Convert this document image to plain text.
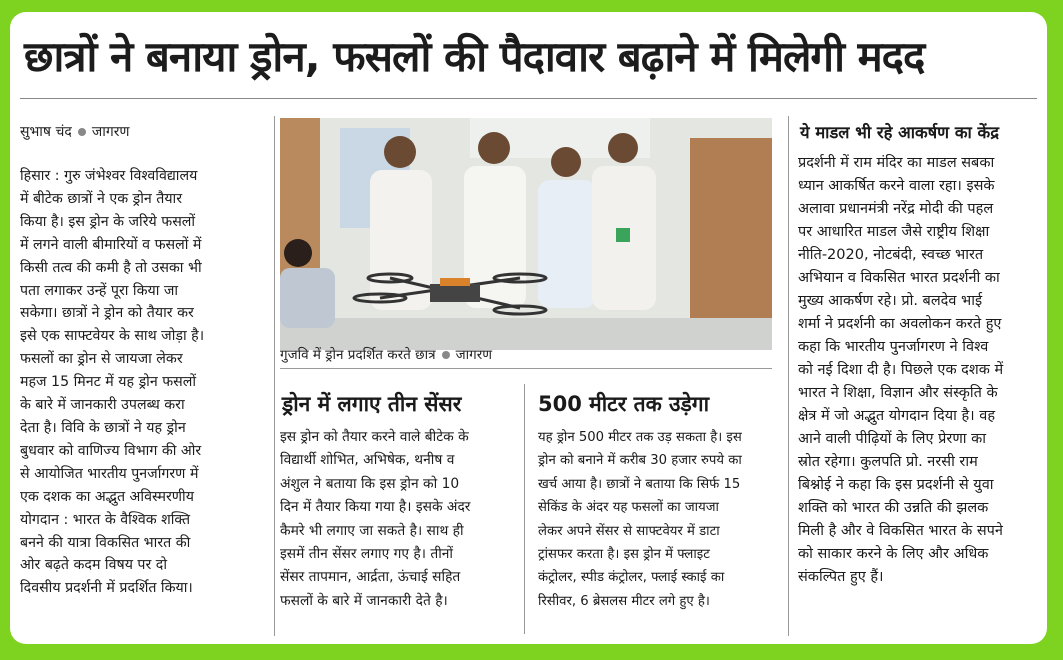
छात्रों ने बनाया ड्रोन, फसलों की पैदावार बढ़ाने में मिलेगी मदद
सुभाष चंद जागरण
हिसार : गुरु जंभेश्वर विश्वविद्यालय
में बीटेक छात्रों ने एक ड्रोन तैयार
किया है। इस ड्रोन के जरिये फसलों
में लगने वाली बीमारियों व फसलों में
किसी तत्व की कमी है तो उसका भी
पता लगाकर उन्हें पूरा किया जा
सकेगा। छात्रों ने ड्रोन को तैयार कर
इसे एक साफ्टवेयर के साथ जोड़ा है।
फसलों का ड्रोन से जायजा लेकर
महज 15 मिनट में यह ड्रोन फसलों
के बारे में जानकारी उपलब्ध करा
देता है। विवि के छात्रों ने यह ड्रोन
बुधवार को वाणिज्य विभाग की ओर
से आयोजित भारतीय पुनर्जागरण में
एक दशक का अद्भुत अविस्मरणीय
योगदान : भारत के वैश्विक शक्ति
बनने की यात्रा विकसित भारत की
ओर बढ़ते कदम विषय पर दो
दिवसीय प्रदर्शनी में प्रदर्शित किया।
गुजवि में ड्रोन प्रदर्शित करते छात्र जागरण
ड्रोन में लगाए तीन सेंसर
इस ड्रोन को तैयार करने वाले बीटेक के
विद्यार्थी शोभित, अभिषेक, थनीष व
अंशुल ने बताया कि इस ड्रोन को 10
दिन में तैयार किया गया है। इसके अंदर
कैमरे भी लगाए जा सकते है। साथ ही
इसमें तीन सेंसर लगाए गए है। तीनों
सेंसर तापमान, आर्द्रता, ऊंचाई सहित
फसलों के बारे में जानकारी देते है।
500 मीटर तक उड़ेगा
यह ड्रोन 500 मीटर तक उड़ सकता है। इस
ड्रोन को बनाने में करीब 30 हजार रुपये का
खर्च आया है। छात्रों ने बताया कि सिर्फ 15
सेकिंड के अंदर यह फसलों का जायजा
लेकर अपने सेंसर से साफ्टवेयर में डाटा
ट्रांसफर करता है। इस ड्रोन में फ्लाइट
कंट्रोलर, स्पीड कंट्रोलर, फ्लाई स्काई का
रिसीवर, 6 ब्रेसलस मीटर लगे हुए है।
ये माडल भी रहे आकर्षण का केंद्र
प्रदर्शनी में राम मंदिर का माडल सबका
ध्यान आकर्षित करने वाला रहा। इसके
अलावा प्रधानमंत्री नरेंद्र मोदी की पहल
पर आधारित माडल जैसे राष्ट्रीय शिक्षा
नीति-2020, नोटबंदी, स्वच्छ भारत
अभियान व विकसित भारत प्रदर्शनी का
मुख्य आकर्षण रहे। प्रो. बलदेव भाई
शर्मा ने प्रदर्शनी का अवलोकन करते हुए
कहा कि भारतीय पुनर्जागरण ने विश्व
को नई दिशा दी है। पिछले एक दशक में
भारत ने शिक्षा, विज्ञान और संस्कृति के
क्षेत्र में जो अद्भुत योगदान दिया है। वह
आने वाली पीढ़ियों के लिए प्रेरणा का
स्रोत रहेगा। कुलपति प्रो. नरसी राम
बिश्नोई ने कहा कि इस प्रदर्शनी से युवा
शक्ति को भारत की उन्नति की झलक
मिली है और वे विकसित भारत के सपने
को साकार करने के लिए और अधिक
संकल्पित हुए हैं।
